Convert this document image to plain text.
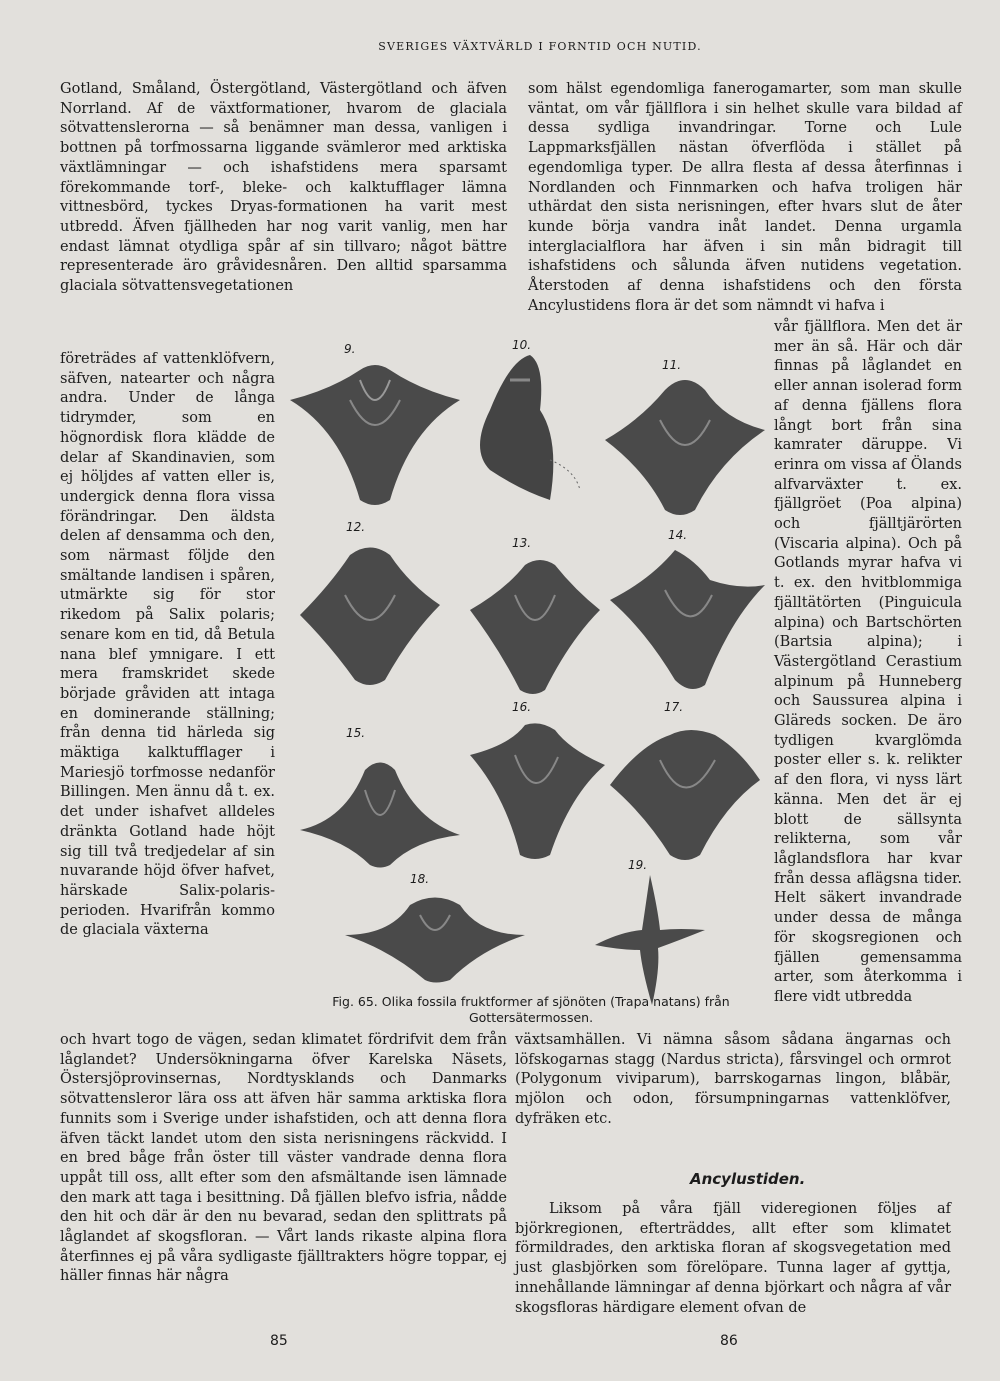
SVERIGES VÄXTVÄRLD I FORNTID OCH NUTID.

Gotland, Småland, Östergötland, Västergötland och äfven Norrland. Af de växtformationer, hvarom de glaciala sötvattenslerorna — så benämner man dessa, vanligen i bottnen på torfmossarna liggande svämleror med arktiska växtlämningar — och ishafstidens mera sparsamt förekommande torf-, bleke- och kalktufflager lämna vittnesbörd, tyckes Dryas-formationen ha varit mest utbredd. Äfven fjällheden har nog varit vanlig, men har endast lämnat otydliga spår af sin tillvaro; något bättre representerade äro gråvidesnåren. Den alltid sparsamma glaciala sötvattensvegetationen

företrädes af vattenklöfvern, säfven, natearter och några andra. Under de långa tidrymder, som en högnordisk flora klädde de delar af Skandinavien, som ej höljdes af vatten eller is, undergick denna flora vissa förändringar. Den äldsta delen af densamma och den, som närmast följde den smältande landisen i spåren, utmärkte sig för stor rikedom på Salix polaris; senare kom en tid, då Betula nana blef ymnigare. I ett mera framskridet skede började gråviden att intaga en dominerande ställning; från denna tid härleda sig mäktiga kalktufflager i Mariesjö torfmosse nedanför Billingen. Men ännu då t. ex. det under ishafvet alldeles dränkta Gotland hade höjt sig till två tredjedelar af sin nuvarande höjd öfver hafvet, härskade Salix-polaris-perioden. Hvarifrån kommo de glaciala växterna

och hvart togo de vägen, sedan klimatet fördrifvit dem från låglandet? Undersökningarna öfver Karelska Näsets, Östersjöprovinsernas, Nordtysklands och Danmarks sötvattensleror lära oss att äfven här samma arktiska flora funnits som i Sverige under ishafstiden, och att denna flora äfven täckt landet utom den sista nerisningens räckvidd. I en bred båge från öster till väster vandrade denna flora uppåt till oss, allt efter som den afsmältande isen lämnade den mark att taga i besittning. Då fjällen blefvo isfria, nådde den hit och där är den nu bevarad, sedan den splittrats på låglandet af skogsfloran. — Vårt lands rikaste alpina flora återfinnes ej på våra sydligaste fjälltrakters högre toppar, ej häller finnas här några

som hälst egendomliga fanerogamarter, som man skulle väntat, om vår fjällflora i sin helhet skulle vara bildad af dessa sydliga invandringar. Torne och Lule Lappmarksfjällen nästan öfverflöda i stället på egendomliga typer. De allra flesta af dessa återfinnas i Nordlanden och Finnmarken och hafva troligen här uthärdat den sista nerisningen, efter hvars slut de åter kunde börja vandra inåt landet. Denna urgamla interglacialflora har äfven i sin mån bidragit till ishafstidens och sålunda äfven nutidens vegetation. Återstoden af denna ishafstidens och den första Ancylustidens flora är det som nämndt vi hafva i

vår fjällflora. Men det är mer än så. Här och där finnas på låglandet en eller annan isolerad form af denna fjällens flora långt bort från sina kamrater däruppe. Vi erinra om vissa af Ölands alfvarväxter t. ex. fjällgröet (Poa alpina) och fjälltjärörten (Viscaria alpina). Och på Gotlands myrar hafva vi t. ex. den hvitblommiga fjälltätörten (Pinguicula alpina) och Bartschörten (Bartsia alpina); i Västergötland Cerastium alpinum på Hunneberg och Saussurea alpina i Gläreds socken. De äro tydligen kvarglömda poster eller s. k. relikter af den flora, vi nyss lärt känna. Men det är ej blott de sällsynta relikterna, som vår låglandsflora har kvar från dessa aflägsna tider. Helt säkert invandrade under dessa de många för skogsregionen och fjällen gemensamma arter, som återkomma i flere vidt utbredda

växtsamhällen. Vi nämna såsom sådana ängarnas och löfskogarnas stagg (Nardus stricta), fårsvingel och ormrot (Polygonum viviparum), barrskogarnas lingon, blåbär, mjölon och odon, försumpningarnas vattenklöfver, dyfräken etc.

Ancylustiden.

Liksom på våra fjäll videregionen följes af björkregionen, efterträddes, allt efter som klimatet förmildrades, den arktiska floran af skogsvegetation med just glasbjörken som förelöpare. Tunna lager af gyttja, innehållande lämningar af denna björkart och några af vår skogsfloras härdigare element ofvan de

9.	10.
11.
12.
13.
14.
15.
16.	17.
18.
19.
Fig. 65. Olika fossila fruktformer af sjönöten (Trapa natans) från Gottersätermossen.
85	86
